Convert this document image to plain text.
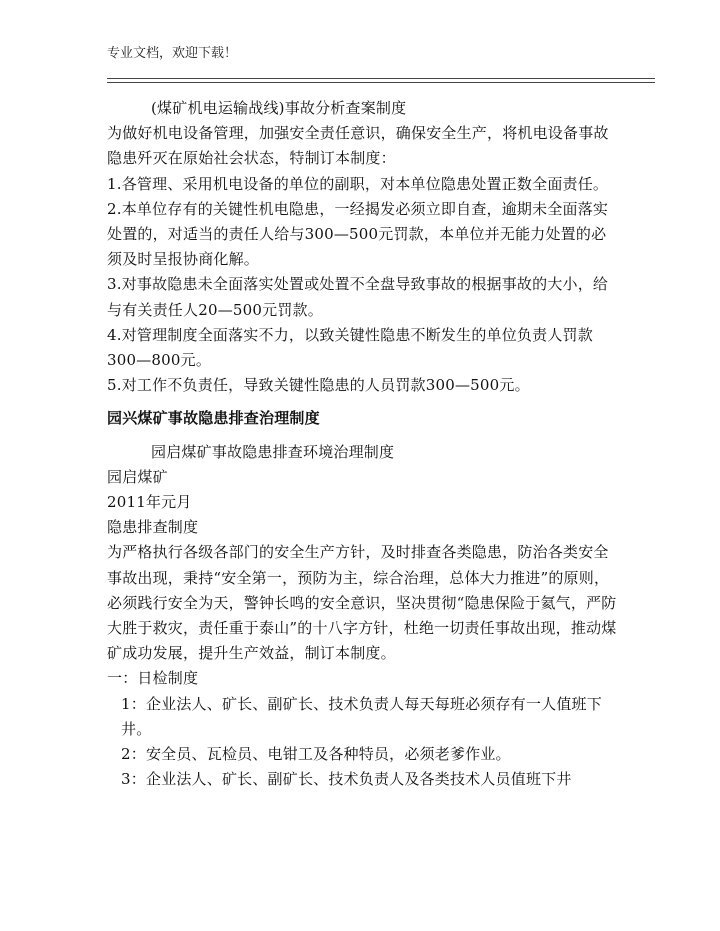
专业文档，欢迎下载！

(煤矿机电运输战线)事故分析查案制度

为做好机电设备管理，加强安全责任意识，确保安全生产，将机电设备事故隐患歼灭在原始社会状态，特制订本制度：

1.各管理、采用机电设备的单位的副职，对本单位隐患处置正数全面责任。

2.本单位存有的关键性机电隐患，一经揭发必须立即自查，逾期未全面落实处置的，对适当的责任人给与300—500元罚款，本单位并无能力处置的必须及时呈报协商化解。

3.对事故隐患未全面落实处置或处置不全盘导致事故的根据事故的大小，给与有关责任人20—500元罚款。

4.对管理制度全面落实不力，以致关键性隐患不断发生的单位负责人罚款300—800元。

5.对工作不负责任，导致关键性隐患的人员罚款300—500元。

园兴煤矿事故隐患排查治理制度

园启煤矿事故隐患排查环境治理制度

园启煤矿

2011年元月

隐患排查制度

为严格执行各级各部门的安全生产方针，及时排查各类隐患，防治各类安全事故出现，秉持“安全第一，预防为主，综合治理，总体大力推进”的原则，必须践行安全为天，警钟长鸣的安全意识，坚决贯彻“隐患保险于氦气，严防大胜于救灾，责任重于泰山”的十八字方针，杜绝一切责任事故出现，推动煤矿成功发展，提升生产效益，制订本制度。

一：日检制度

1：企业法人、矿长、副矿长、技术负责人每天每班必须存有一人值班下井。

2：安全员、瓦检员、电钳工及各种特员，必须老爹作业。

3：企业法人、矿长、副矿长、技术负责人及各类技术人员值班下井
